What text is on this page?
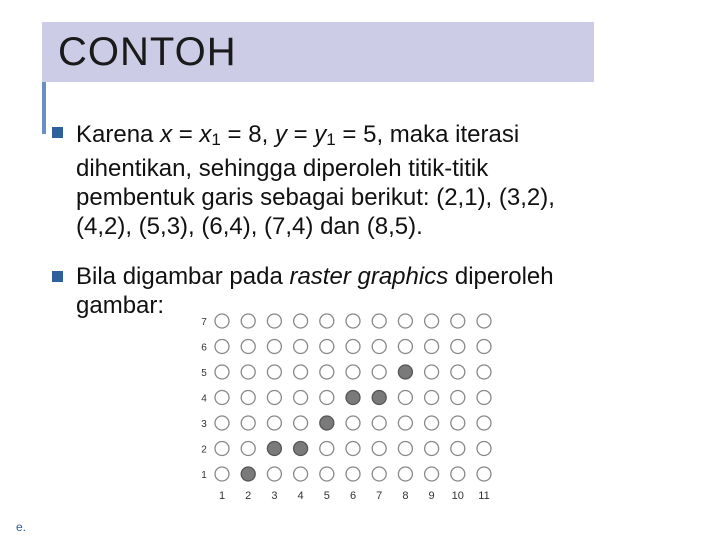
CONTOH
Karena x = x1 = 8, y = y1 = 5, maka iterasi
dihentikan, sehingga diperoleh titik-titik
pembentuk garis sebagai berikut: (2,1), (3,2),
(4,2), (5,3), (6,4), (7,4) dan (8,5).
Bila digambar pada raster graphics diperoleh
gambar:
1 2 3 4 5 6 7 8 9 10 11
1
2
3
4
5
6
7
e.
